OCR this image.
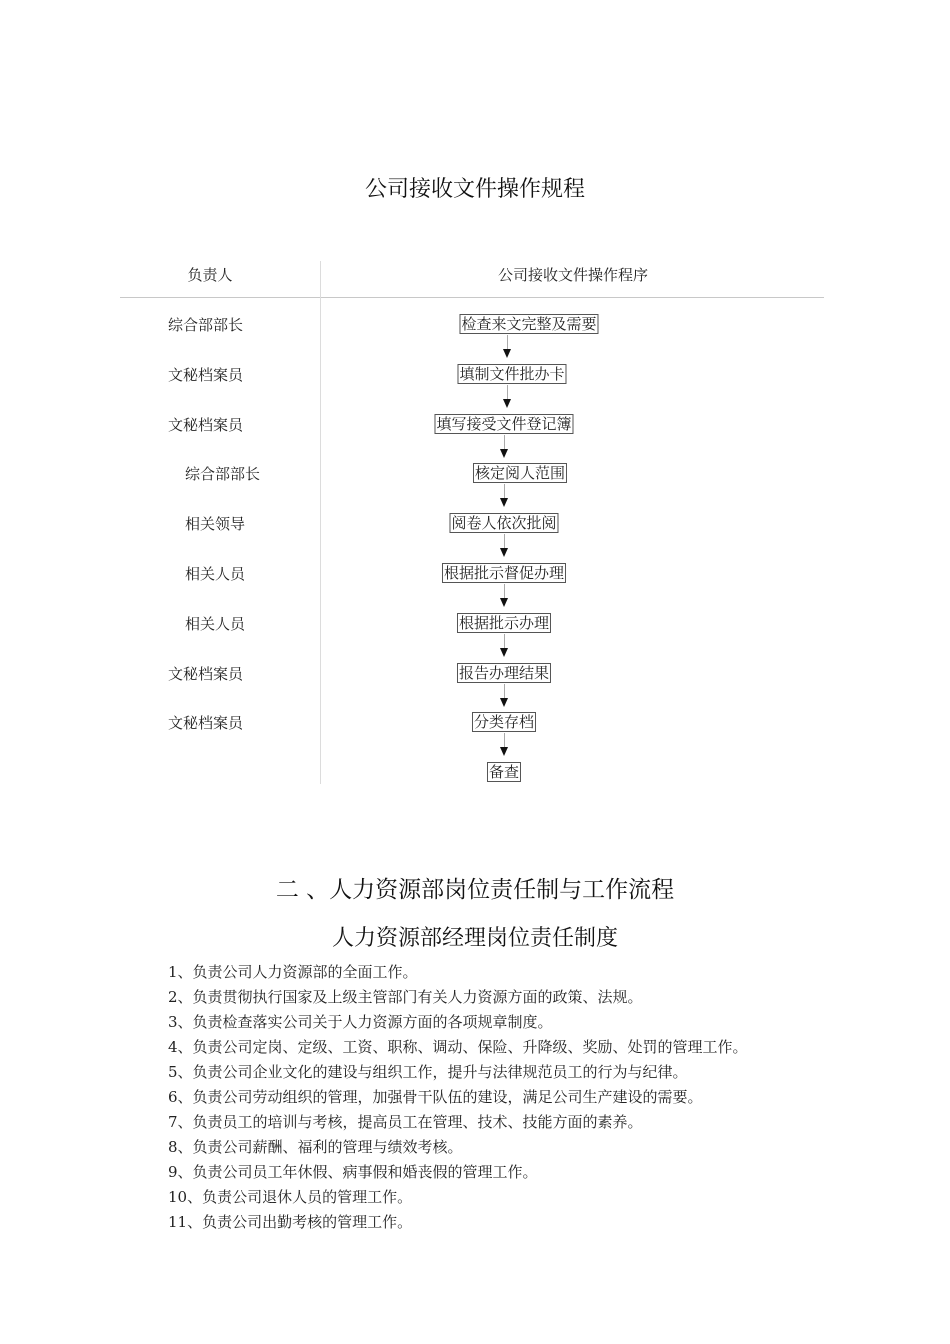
公司接收文件操作规程
负责人	公司接收文件操作程序
综合部部长	检查来文完整及需要
文秘档案员	填制文件批办卡
文秘档案员	填写接受文件登记簿
综合部部长	核定阅人范围
相关领导	阅卷人依次批阅
相关人员	根据批示督促办理
相关人员	根据批示办理
文秘档案员	报告办理结果
文秘档案员	分类存档
备查
二 、人力资源部岗位责任制与工作流程
人力资源部经理岗位责任制度
1、负责公司人力资源部的全面工作。
2、负责贯彻执行国家及上级主管部门有关人力资源方面的政策、法规。
3、负责检查落实公司关于人力资源方面的各项规章制度。
4、负责公司定岗、定级、工资、职称、调动、保险、升降级、奖励、处罚的管理工作。
5、负责公司企业文化的建设与组织工作，提升与法律规范员工的行为与纪律。
6、负责公司劳动组织的管理，加强骨干队伍的建设，满足公司生产建设的需要。
7、负责员工的培训与考核，提高员工在管理、技术、技能方面的素养。
8、负责公司薪酬、福利的管理与绩效考核。
9、负责公司员工年休假、病事假和婚丧假的管理工作。
10、负责公司退休人员的管理工作。
11、负责公司出勤考核的管理工作。
